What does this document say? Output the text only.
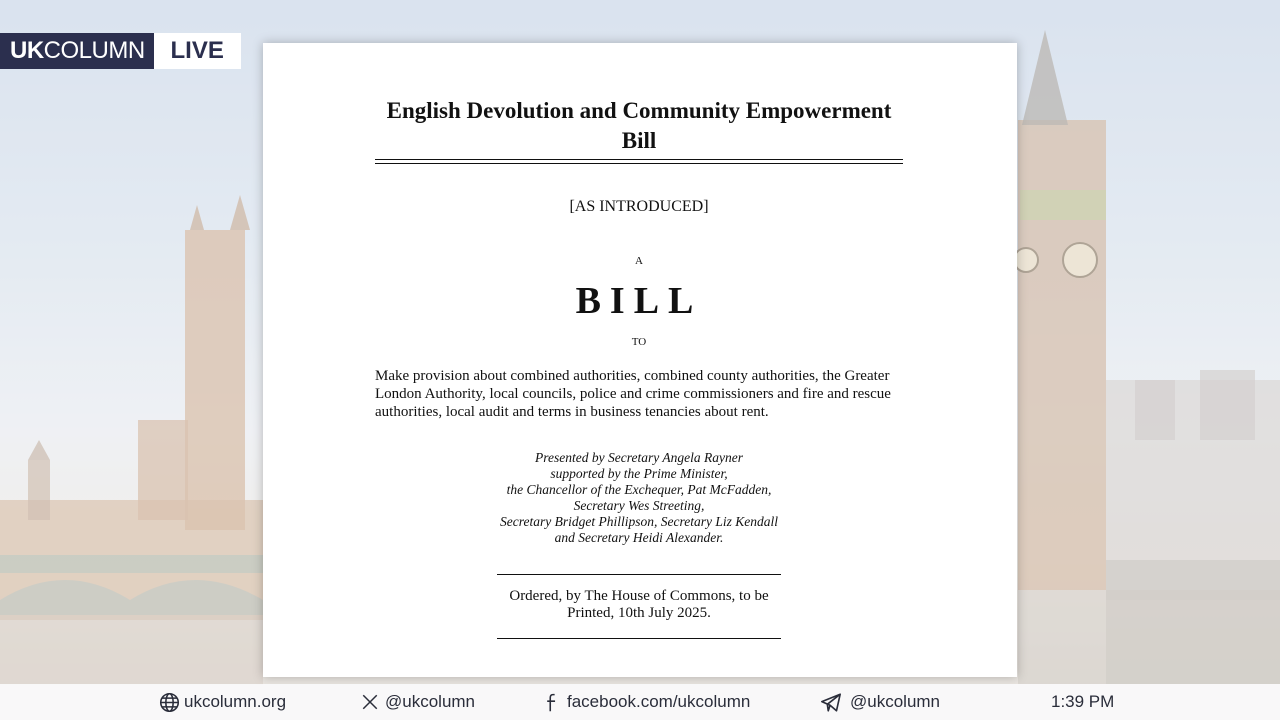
UK COLUMN	LIVE
English Devolution and Community Empowerment
Bill
[AS INTRODUCED]
A
BILL
TO
Make provision about combined authorities, combined county authorities, the Greater London Authority, local councils, police and crime commissioners and fire and rescue authorities, local audit and terms in business tenancies about rent.
Presented by Secretary Angela Rayner
supported by the Prime Minister,
the Chancellor of the Exchequer, Pat McFadden,
Secretary Wes Streeting,
Secretary Bridget Phillipson, Secretary Liz Kendall
and Secretary Heidi Alexander.
Ordered, by The House of Commons, to be
Printed, 10th July 2025.
ukcolumn.org	@ukcolumn	facebook.com/ukcolumn	@ukcolumn	1:39 PM
